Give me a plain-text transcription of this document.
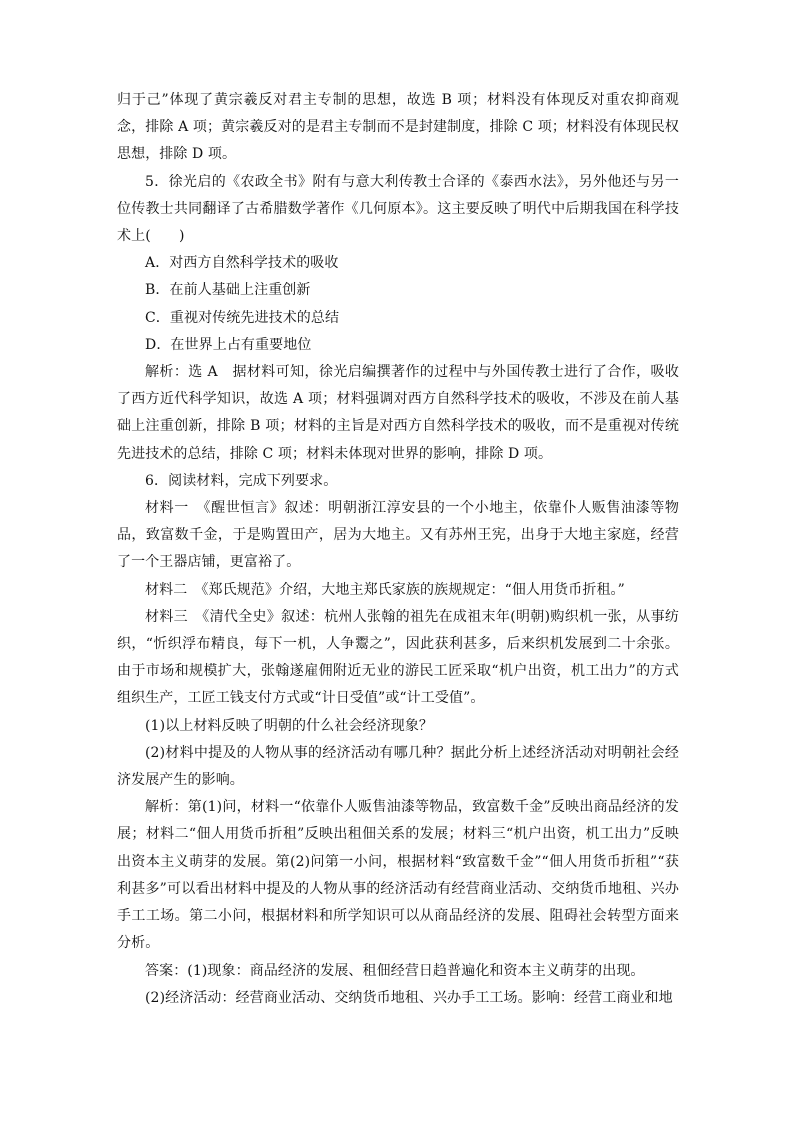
归于己”体现了黄宗羲反对君主专制的思想，故选 B 项；材料没有体现反对重农抑商观念，排除 A 项；黄宗羲反对的是君主专制而不是封建制度，排除 C 项；材料没有体现民权思想，排除 D 项。

5．徐光启的《农政全书》附有与意大利传教士合译的《泰西水法》，另外他还与另一位传教士共同翻译了古希腊数学著作《几何原本》。这主要反映了明代中后期我国在科学技术上(　　)

A．对西方自然科学技术的吸收

B．在前人基础上注重创新

C．重视对传统先进技术的总结

D．在世界上占有重要地位

解析：选 A　据材料可知，徐光启编撰著作的过程中与外国传教士进行了合作，吸收了西方近代科学知识，故选 A 项；材料强调对西方自然科学技术的吸收，不涉及在前人基础上注重创新，排除 B 项；材料的主旨是对西方自然科学技术的吸收，而不是重视对传统先进技术的总结，排除 C 项；材料未体现对世界的影响，排除 D 项。

6．阅读材料，完成下列要求。

材料一　《醒世恒言》叙述：明朝浙江淳安县的一个小地主，依靠仆人贩售油漆等物品，致富数千金，于是购置田产，居为大地主。又有苏州王宪，出身于大地主家庭，经营了一个王器店铺，更富裕了。

材料二　《郑氏规范》介绍，大地主郑氏家族的族规规定：“佃人用货币折租。”

材料三　《清代全史》叙述：杭州人张翰的祖先在成祖末年(明朝)购织机一张，从事纺织，“忻织浮布精良，每下一机，人争鬻之”，因此获利甚多，后来织机发展到二十余张。由于市场和规模扩大，张翰遂雇佣附近无业的游民工匠采取“机户出资，机工出力”的方式组织生产，工匠工钱支付方式或“计日受值”或“计工受值”。

(1)以上材料反映了明朝的什么社会经济现象？

(2)材料中提及的人物从事的经济活动有哪几种？据此分析上述经济活动对明朝社会经济发展产生的影响。

解析：第(1)问，材料一“依靠仆人贩售油漆等物品，致富数千金”反映出商品经济的发展；材料二“佃人用货币折租”反映出租佃关系的发展；材料三“机户出资，机工出力”反映出资本主义萌芽的发展。第(2)问第一小问，根据材料“致富数千金”“佃人用货币折租”“获利甚多”可以看出材料中提及的人物从事的经济活动有经营商业活动、交纳货币地租、兴办手工工场。第二小问，根据材料和所学知识可以从商品经济的发展、阻碍社会转型方面来分析。

答案：(1)现象：商品经济的发展、租佃经营日趋普遍化和资本主义萌芽的出现。

(2)经济活动：经营商业活动、交纳货币地租、兴办手工工场。影响：经营工商业和地
